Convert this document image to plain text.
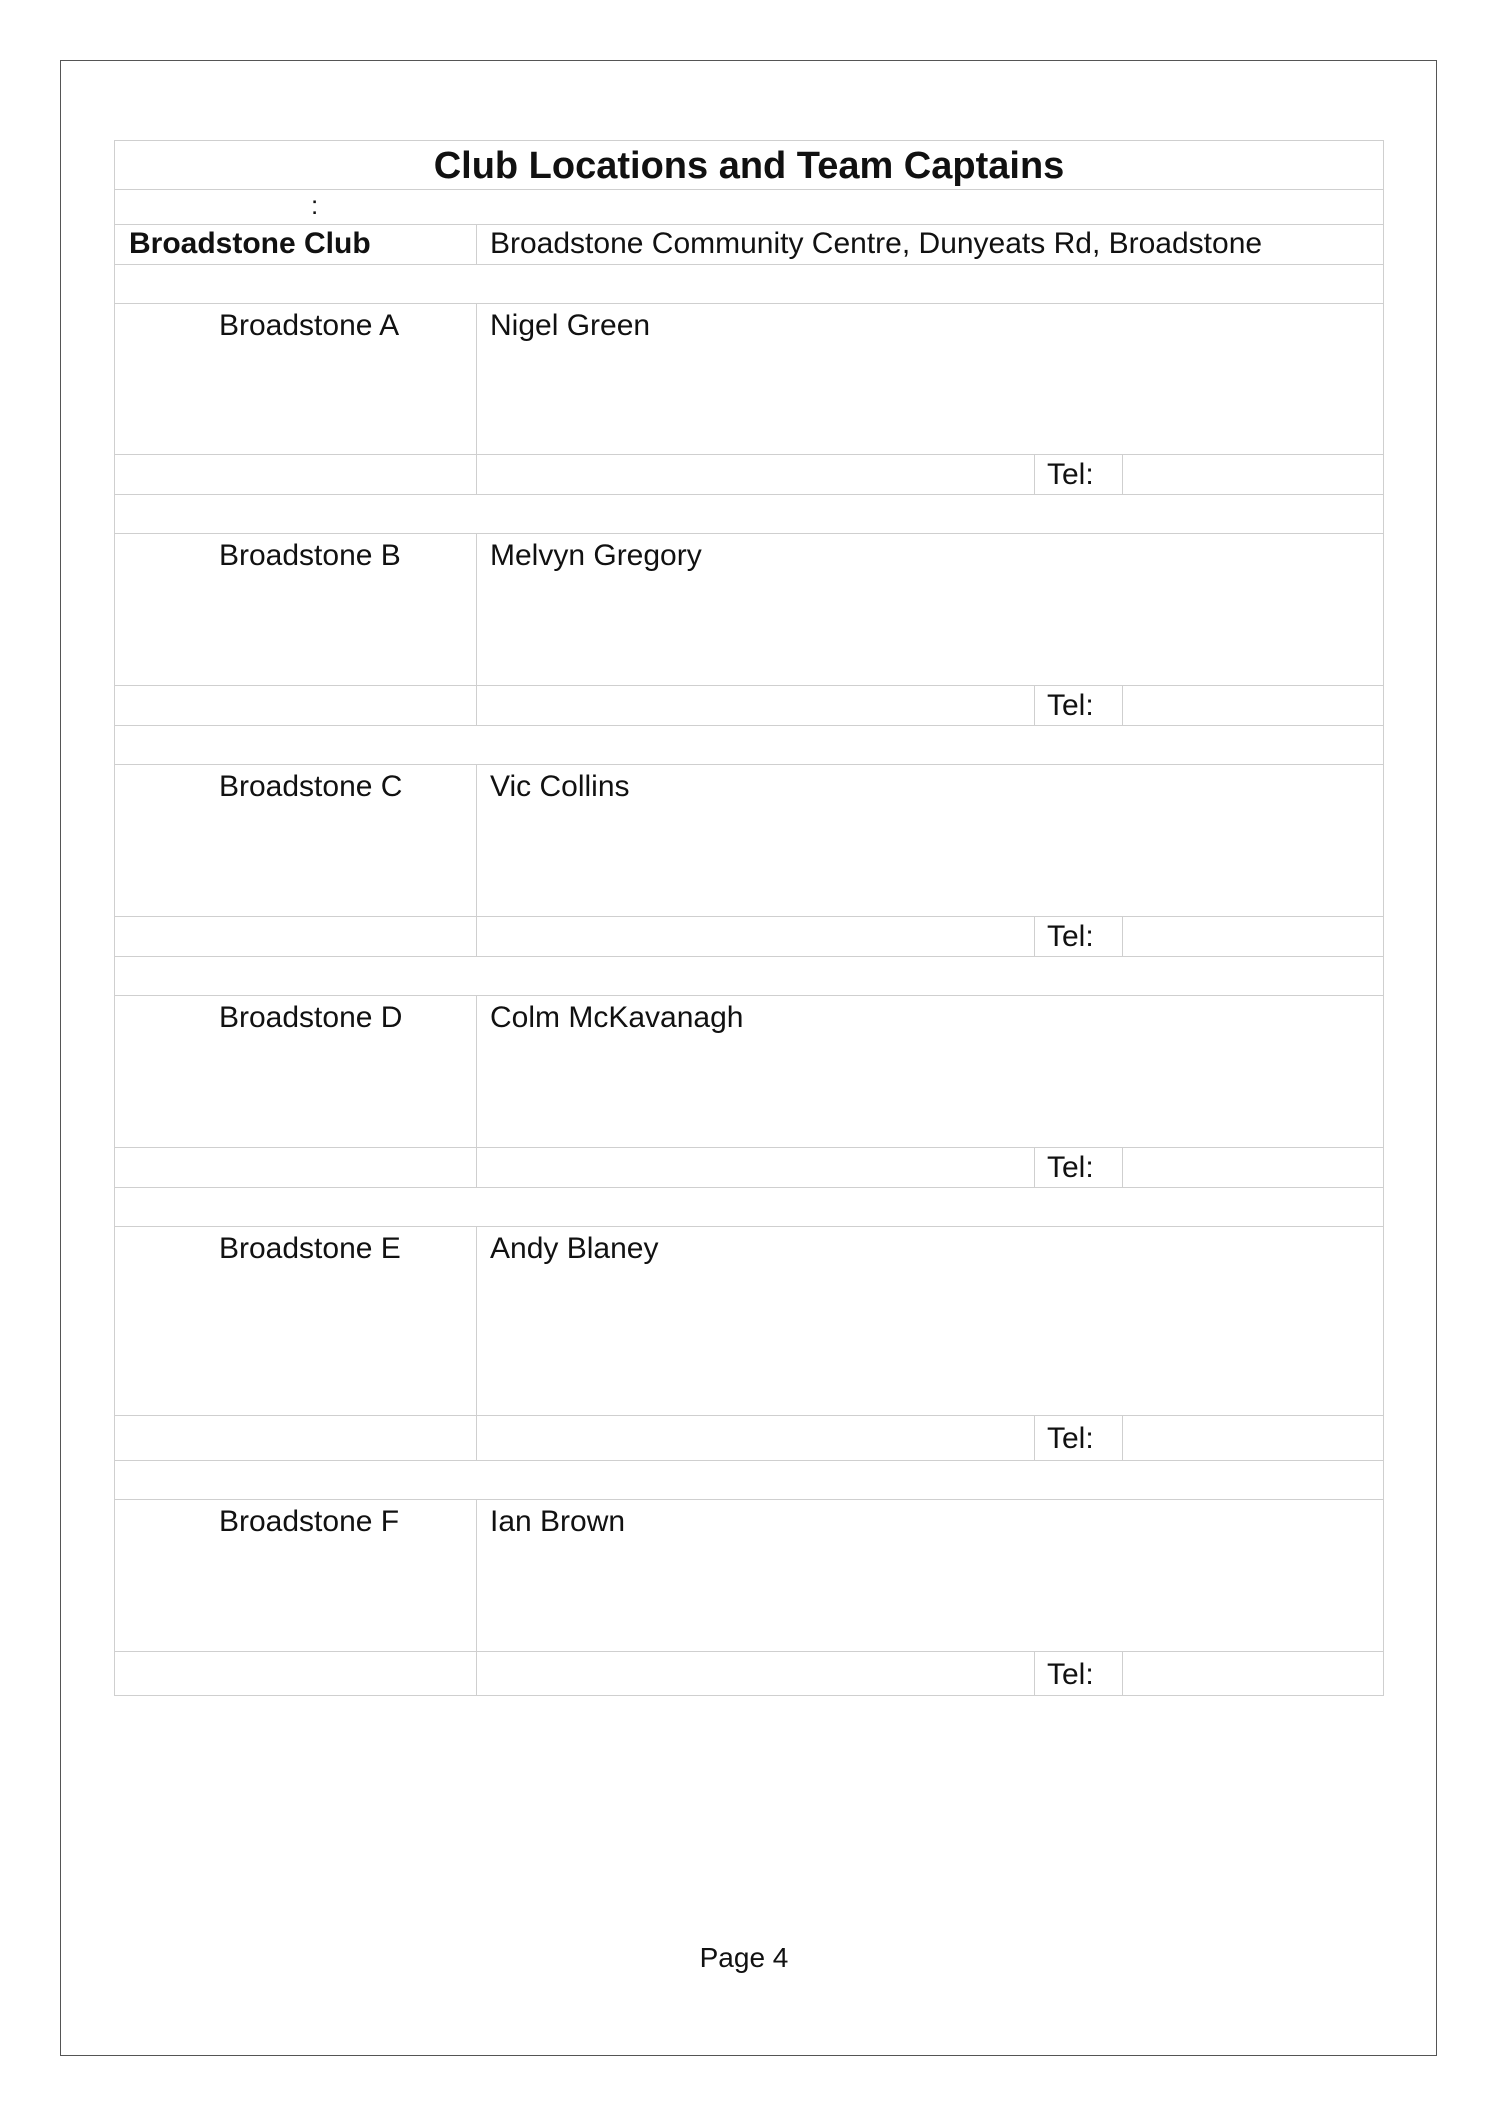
Club Locations and Team Captains
:
Broadstone Club	Broadstone Community Centre, Dunyeats Rd, Broadstone
Broadstone A	Nigel Green
Tel:
Broadstone B	Melvyn Gregory
Tel:
Broadstone C	Vic Collins
Tel:
Broadstone D	Colm McKavanagh
Tel:
Broadstone E	Andy Blaney
Tel:
Broadstone F	Ian Brown
Tel:
Page 4
